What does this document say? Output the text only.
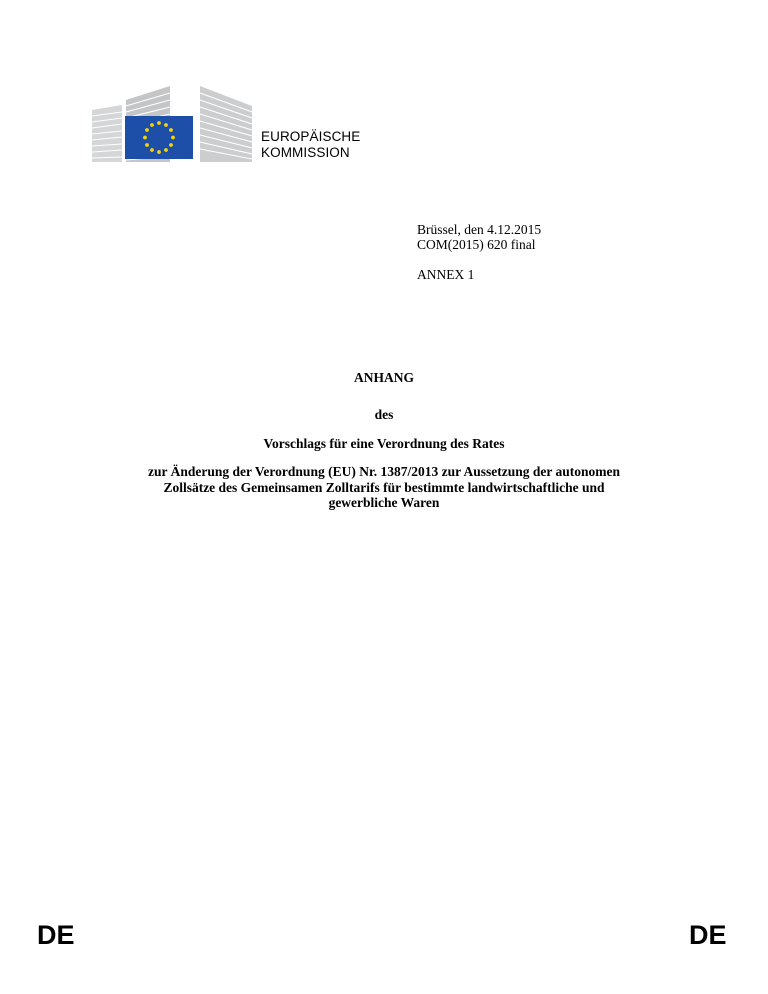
EUROPÄISCHE
KOMMISSION
Brüssel, den 4.12.2015
COM(2015) 620 final
ANNEX 1
ANHANG
des
Vorschlags für eine Verordnung des Rates
zur Änderung der Verordnung (EU) Nr. 1387/2013 zur Aussetzung der autonomen
Zollsätze des Gemeinsamen Zolltarifs für bestimmte landwirtschaftliche und
gewerbliche Waren
DE	DE
